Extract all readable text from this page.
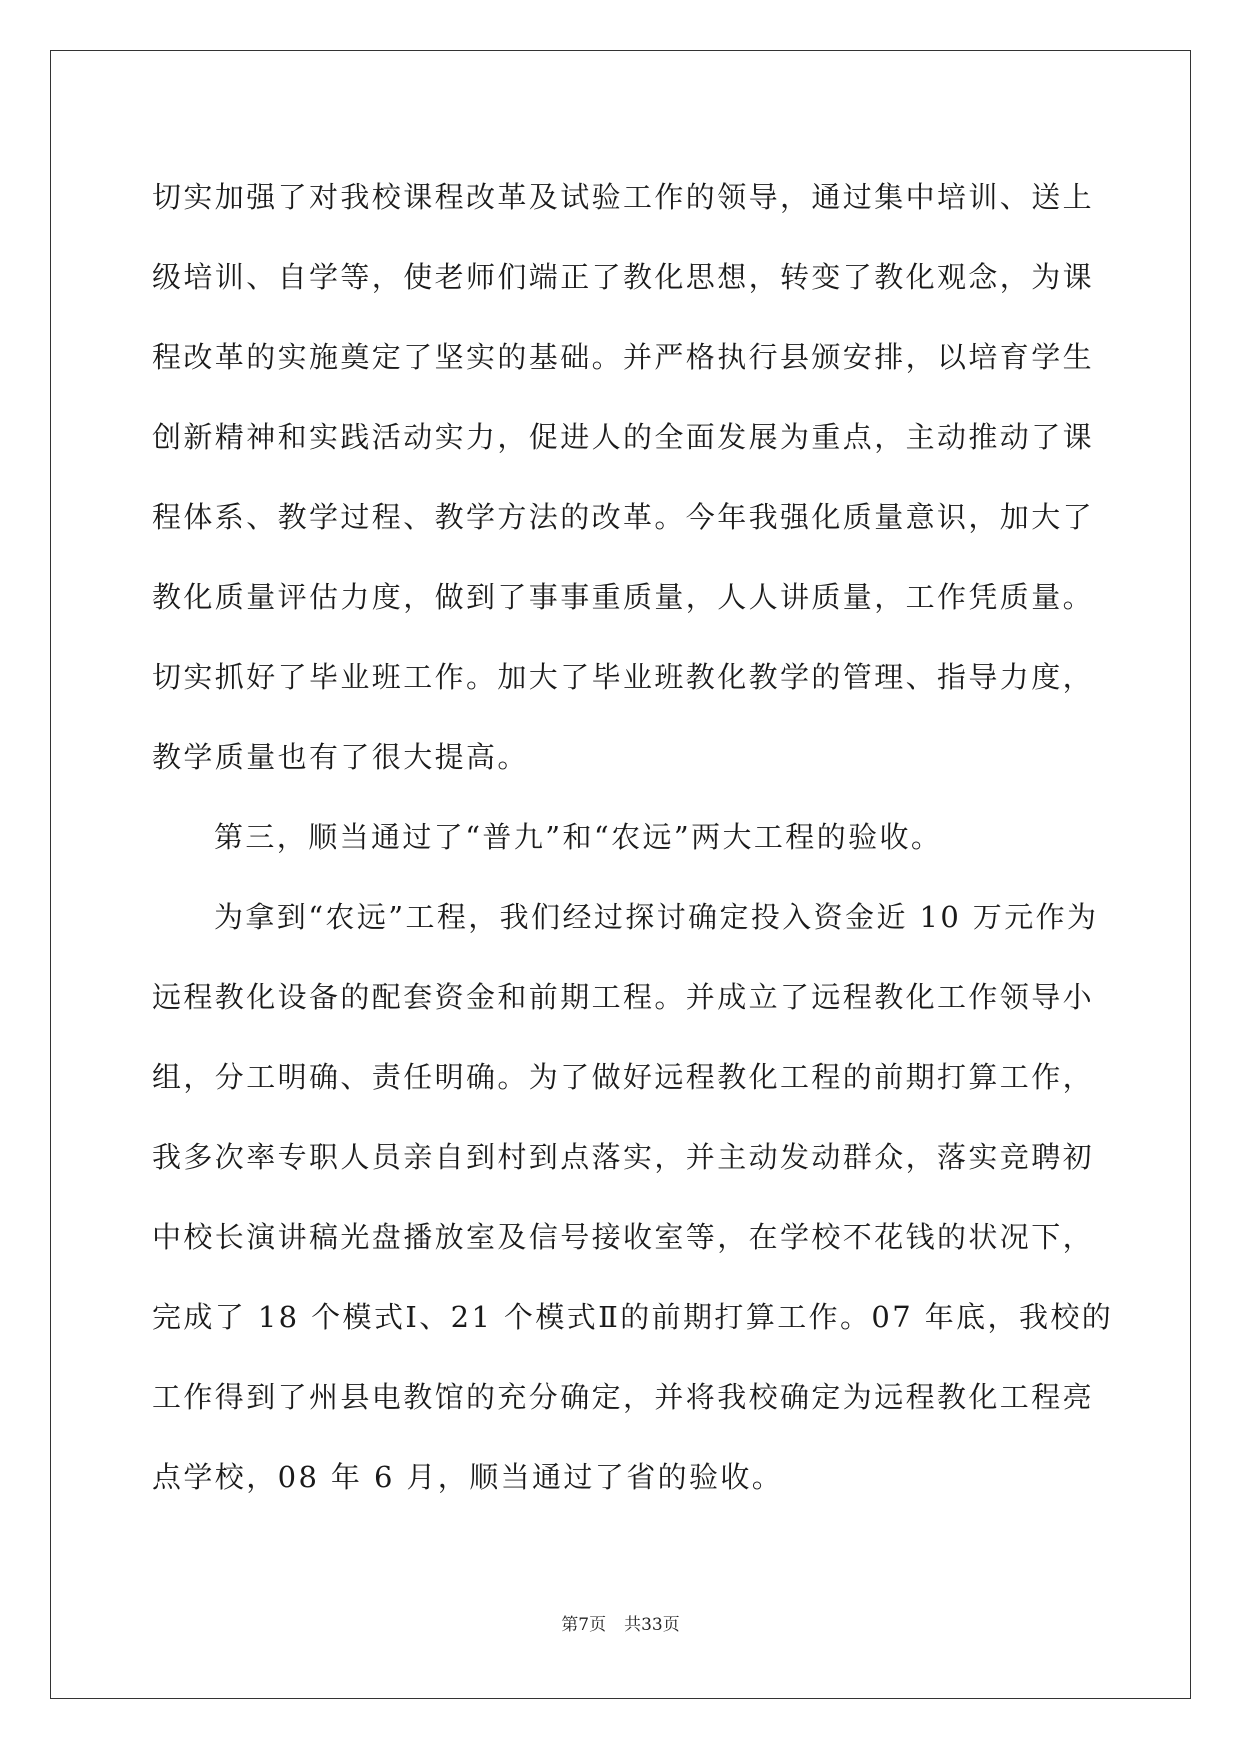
切实加强了对我校课程改革及试验工作的领导，通过集中培训、送上
级培训、自学等，使老师们端正了教化思想，转变了教化观念，为课
程改革的实施奠定了坚实的基础。并严格执行县颁安排，以培育学生
创新精神和实践活动实力，促进人的全面发展为重点，主动推动了课
程体系、教学过程、教学方法的改革。今年我强化质量意识，加大了
教化质量评估力度，做到了事事重质量，人人讲质量，工作凭质量。
切实抓好了毕业班工作。加大了毕业班教化教学的管理、指导力度，
教学质量也有了很大提高。

第三，顺当通过了“普九”和“农远”两大工程的验收。

为拿到“农远”工程，我们经过探讨确定投入资金近 10 万元作为
远程教化设备的配套资金和前期工程。并成立了远程教化工作领导小
组，分工明确、责任明确。为了做好远程教化工程的前期打算工作，
我多次率专职人员亲自到村到点落实，并主动发动群众，落实竞聘初
中校长演讲稿光盘播放室及信号接收室等，在学校不花钱的状况下，
完成了 18 个模式Ⅰ、21 个模式Ⅱ的前期打算工作。07 年底，我校的
工作得到了州县电教馆的充分确定，并将我校确定为远程教化工程亮
点学校，08 年 6 月，顺当通过了省的验收。

第7页 共33页
